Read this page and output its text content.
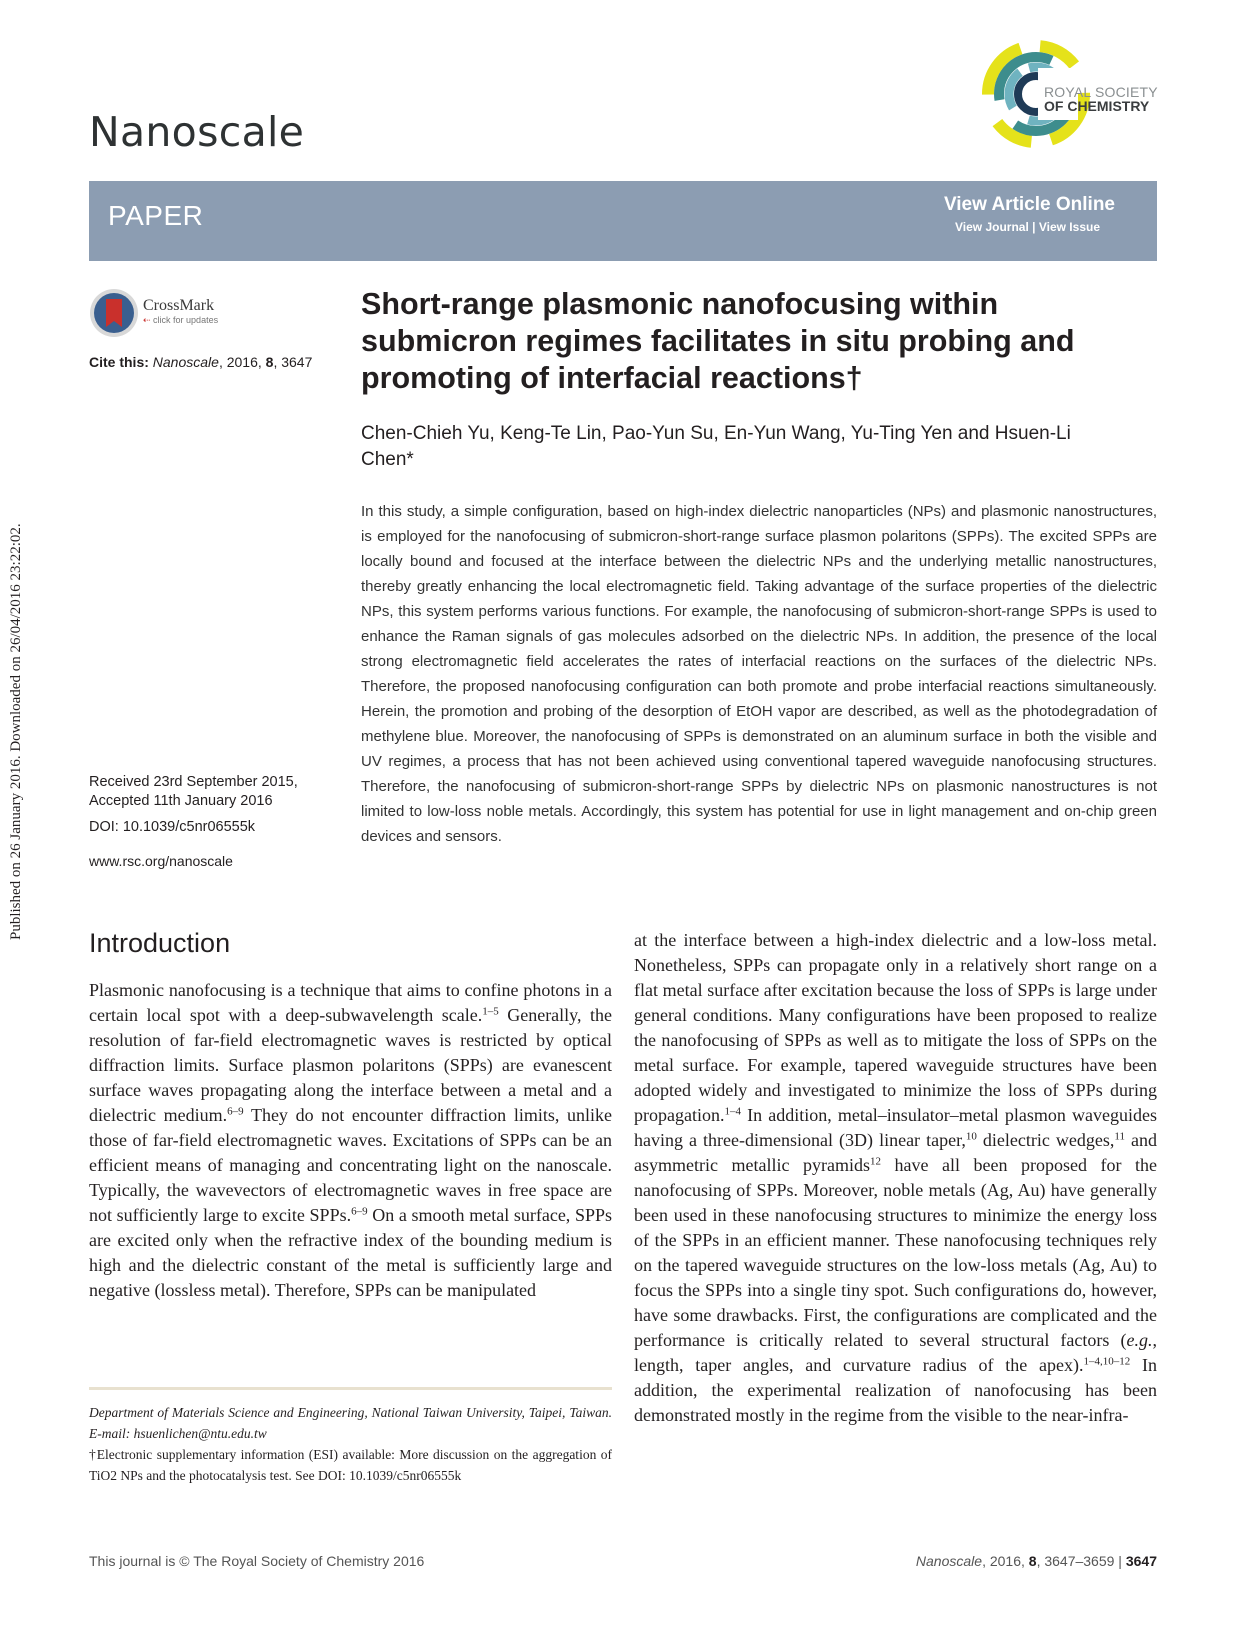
Nanoscale
ROYAL SOCIETY
OF CHEMISTRY
PAPER	View Article Online
View Journal | View Issue
CrossMark
⇠ click for updates
Cite this: Nanoscale, 2016, 8, 3647
Short-range plasmonic nanofocusing within submicron regimes facilitates in situ probing and promoting of interfacial reactions†
Chen-Chieh Yu, Keng-Te Lin, Pao-Yun Su, En-Yun Wang, Yu-Ting Yen and Hsuen-Li Chen*
In this study, a simple configuration, based on high-index dielectric nanoparticles (NPs) and plasmonic nanostructures, is employed for the nanofocusing of submicron-short-range surface plasmon polaritons (SPPs). The excited SPPs are locally bound and focused at the interface between the dielectric NPs and the underlying metallic nanostructures, thereby greatly enhancing the local electromagnetic field. Taking advantage of the surface properties of the dielectric NPs, this system performs various functions. For example, the nanofocusing of submicron-short-range SPPs is used to enhance the Raman signals of gas molecules adsorbed on the dielectric NPs. In addition, the presence of the local strong electromagnetic field accelerates the rates of interfacial reactions on the surfaces of the dielectric NPs. Therefore, the proposed nanofocusing configuration can both promote and probe interfacial reactions simultaneously. Herein, the promotion and probing of the desorption of EtOH vapor are described, as well as the photodegradation of methylene blue. Moreover, the nanofocusing of SPPs is demonstrated on an aluminum surface in both the visible and UV regimes, a process that has not been achieved using conventional tapered waveguide nanofocusing structures. Therefore, the nanofocusing of submicron-short-range SPPs by dielectric NPs on plasmonic nanostructures is not limited to low-loss noble metals. Accordingly, this system has potential for use in light management and on-chip green devices and sensors.
Received 23rd September 2015,
Accepted 11th January 2016
DOI: 10.1039/c5nr06555k
www.rsc.org/nanoscale
Published on 26 January 2016. Downloaded on 26/04/2016 23:22:02.
Introduction
Plasmonic nanofocusing is a technique that aims to confine photons in a certain local spot with a deep-subwavelength scale.$^{1-5}$ Generally, the resolution of far-field electromagnetic waves is restricted by optical diffraction limits. Surface plasmon polaritons (SPPs) are evanescent surface waves propagating along the interface between a metal and a dielectric medium.$^{6-9}$ They do not encounter diffraction limits, unlike those of far-field electromagnetic waves. Excitations of SPPs can be an efficient means of managing and concentrating light on the nanoscale. Typically, the wavevectors of electromagnetic waves in free space are not sufficiently large to excite SPPs.$^{6-9}$ On a smooth metal surface, SPPs are excited only when the refractive index of the bounding medium is high and the dielectric constant of the metal is sufficiently large and negative (lossless metal). Therefore, SPPs can be manipulated
at the interface between a high-index dielectric and a low-loss metal. Nonetheless, SPPs can propagate only in a relatively short range on a flat metal surface after excitation because the loss of SPPs is large under general conditions. Many configurations have been proposed to realize the nanofocusing of SPPs as well as to mitigate the loss of SPPs on the metal surface. For example, tapered waveguide structures have been adopted widely and investigated to minimize the loss of SPPs during propagation.$^{1-4}$ In addition, metal–insulator–metal plasmon waveguides having a three-dimensional (3D) linear taper,$^{10}$ dielectric wedges,$^{11}$ and asymmetric metallic pyramids$^{12}$ have all been proposed for the nanofocusing of SPPs. Moreover, noble metals (Ag, Au) have generally been used in these nanofocusing structures to minimize the energy loss of the SPPs in an efficient manner. These nanofocusing techniques rely on the tapered waveguide structures on the low-loss metals (Ag, Au) to focus the SPPs into a single tiny spot. Such configurations do, however, have some drawbacks. First, the configurations are complicated and the performance is critically related to several structural factors (e.g., length, taper angles, and curvature radius of the apex).$^{1-4,10-12}$ In addition, the experimental realization of nanofocusing has been demonstrated mostly in the regime from the visible to the near-infra-
Department of Materials Science and Engineering, National Taiwan University, Taipei, Taiwan. E-mail: hsuenlichen@ntu.edu.tw
†Electronic supplementary information (ESI) available: More discussion on the aggregation of TiO2 NPs and the photocatalysis test. See DOI: 10.1039/c5nr06555k
This journal is © The Royal Society of Chemistry 2016	Nanoscale, 2016, 8, 3647–3659 | 3647
